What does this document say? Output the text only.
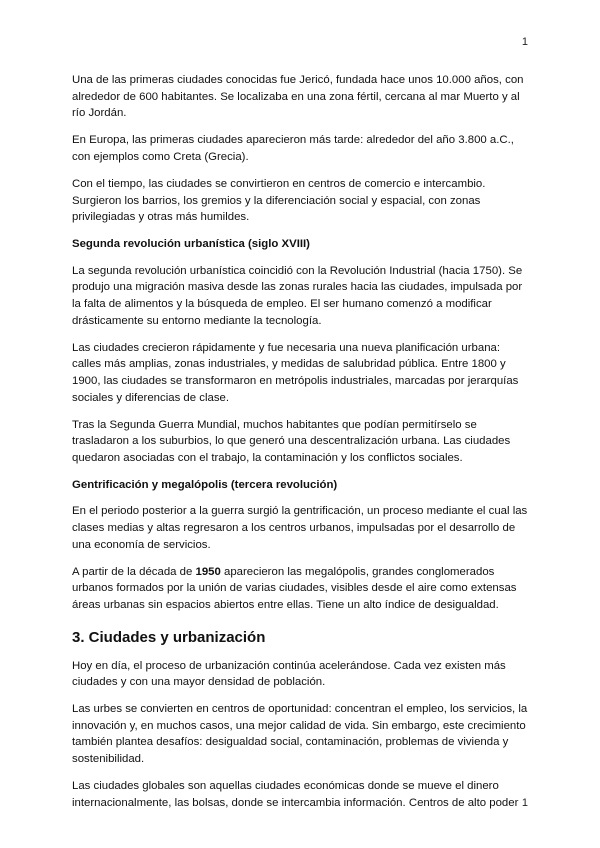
1

Una de las primeras ciudades conocidas fue Jericó, fundada hace unos 10.000 años, con alrededor de 600 habitantes. Se localizaba en una zona fértil, cercana al mar Muerto y al río Jordán.

En Europa, las primeras ciudades aparecieron más tarde: alrededor del año 3.800 a.C., con ejemplos como Creta (Grecia).

Con el tiempo, las ciudades se convirtieron en centros de comercio e intercambio. Surgieron los barrios, los gremios y la diferenciación social y espacial, con zonas privilegiadas y otras más humildes.

Segunda revolución urbanística (siglo XVIII)

La segunda revolución urbanística coincidió con la Revolución Industrial (hacia 1750). Se produjo una migración masiva desde las zonas rurales hacia las ciudades, impulsada por la falta de alimentos y la búsqueda de empleo. El ser humano comenzó a modificar drásticamente su entorno mediante la tecnología.

Las ciudades crecieron rápidamente y fue necesaria una nueva planificación urbana: calles más amplias, zonas industriales, y medidas de salubridad pública. Entre 1800 y 1900, las ciudades se transformaron en metrópolis industriales, marcadas por jerarquías sociales y diferencias de clase.

Tras la Segunda Guerra Mundial, muchos habitantes que podían permitírselo se trasladaron a los suburbios, lo que generó una descentralización urbana. Las ciudades quedaron asociadas con el trabajo, la contaminación y los conflictos sociales.

Gentrificación y megalópolis (tercera revolución)

En el periodo posterior a la guerra surgió la gentrificación, un proceso mediante el cual las clases medias y altas regresaron a los centros urbanos, impulsadas por el desarrollo de una economía de servicios.

A partir de la década de 1950 aparecieron las megalópolis, grandes conglomerados urbanos formados por la unión de varias ciudades, visibles desde el aire como extensas áreas urbanas sin espacios abiertos entre ellas. Tiene un alto índice de desigualdad.

3. Ciudades y urbanización

Hoy en día, el proceso de urbanización continúa acelerándose. Cada vez existen más ciudades y con una mayor densidad de población.

Las urbes se convierten en centros de oportunidad: concentran el empleo, los servicios, la innovación y, en muchos casos, una mejor calidad de vida. Sin embargo, este crecimiento también plantea desafíos: desigualdad social, contaminación, problemas de vivienda y sostenibilidad.

Las ciudades globales son aquellas ciudades económicas donde se mueve el dinero internacionalmente, las bolsas, donde se intercambia información. Centros de alto poder 1
